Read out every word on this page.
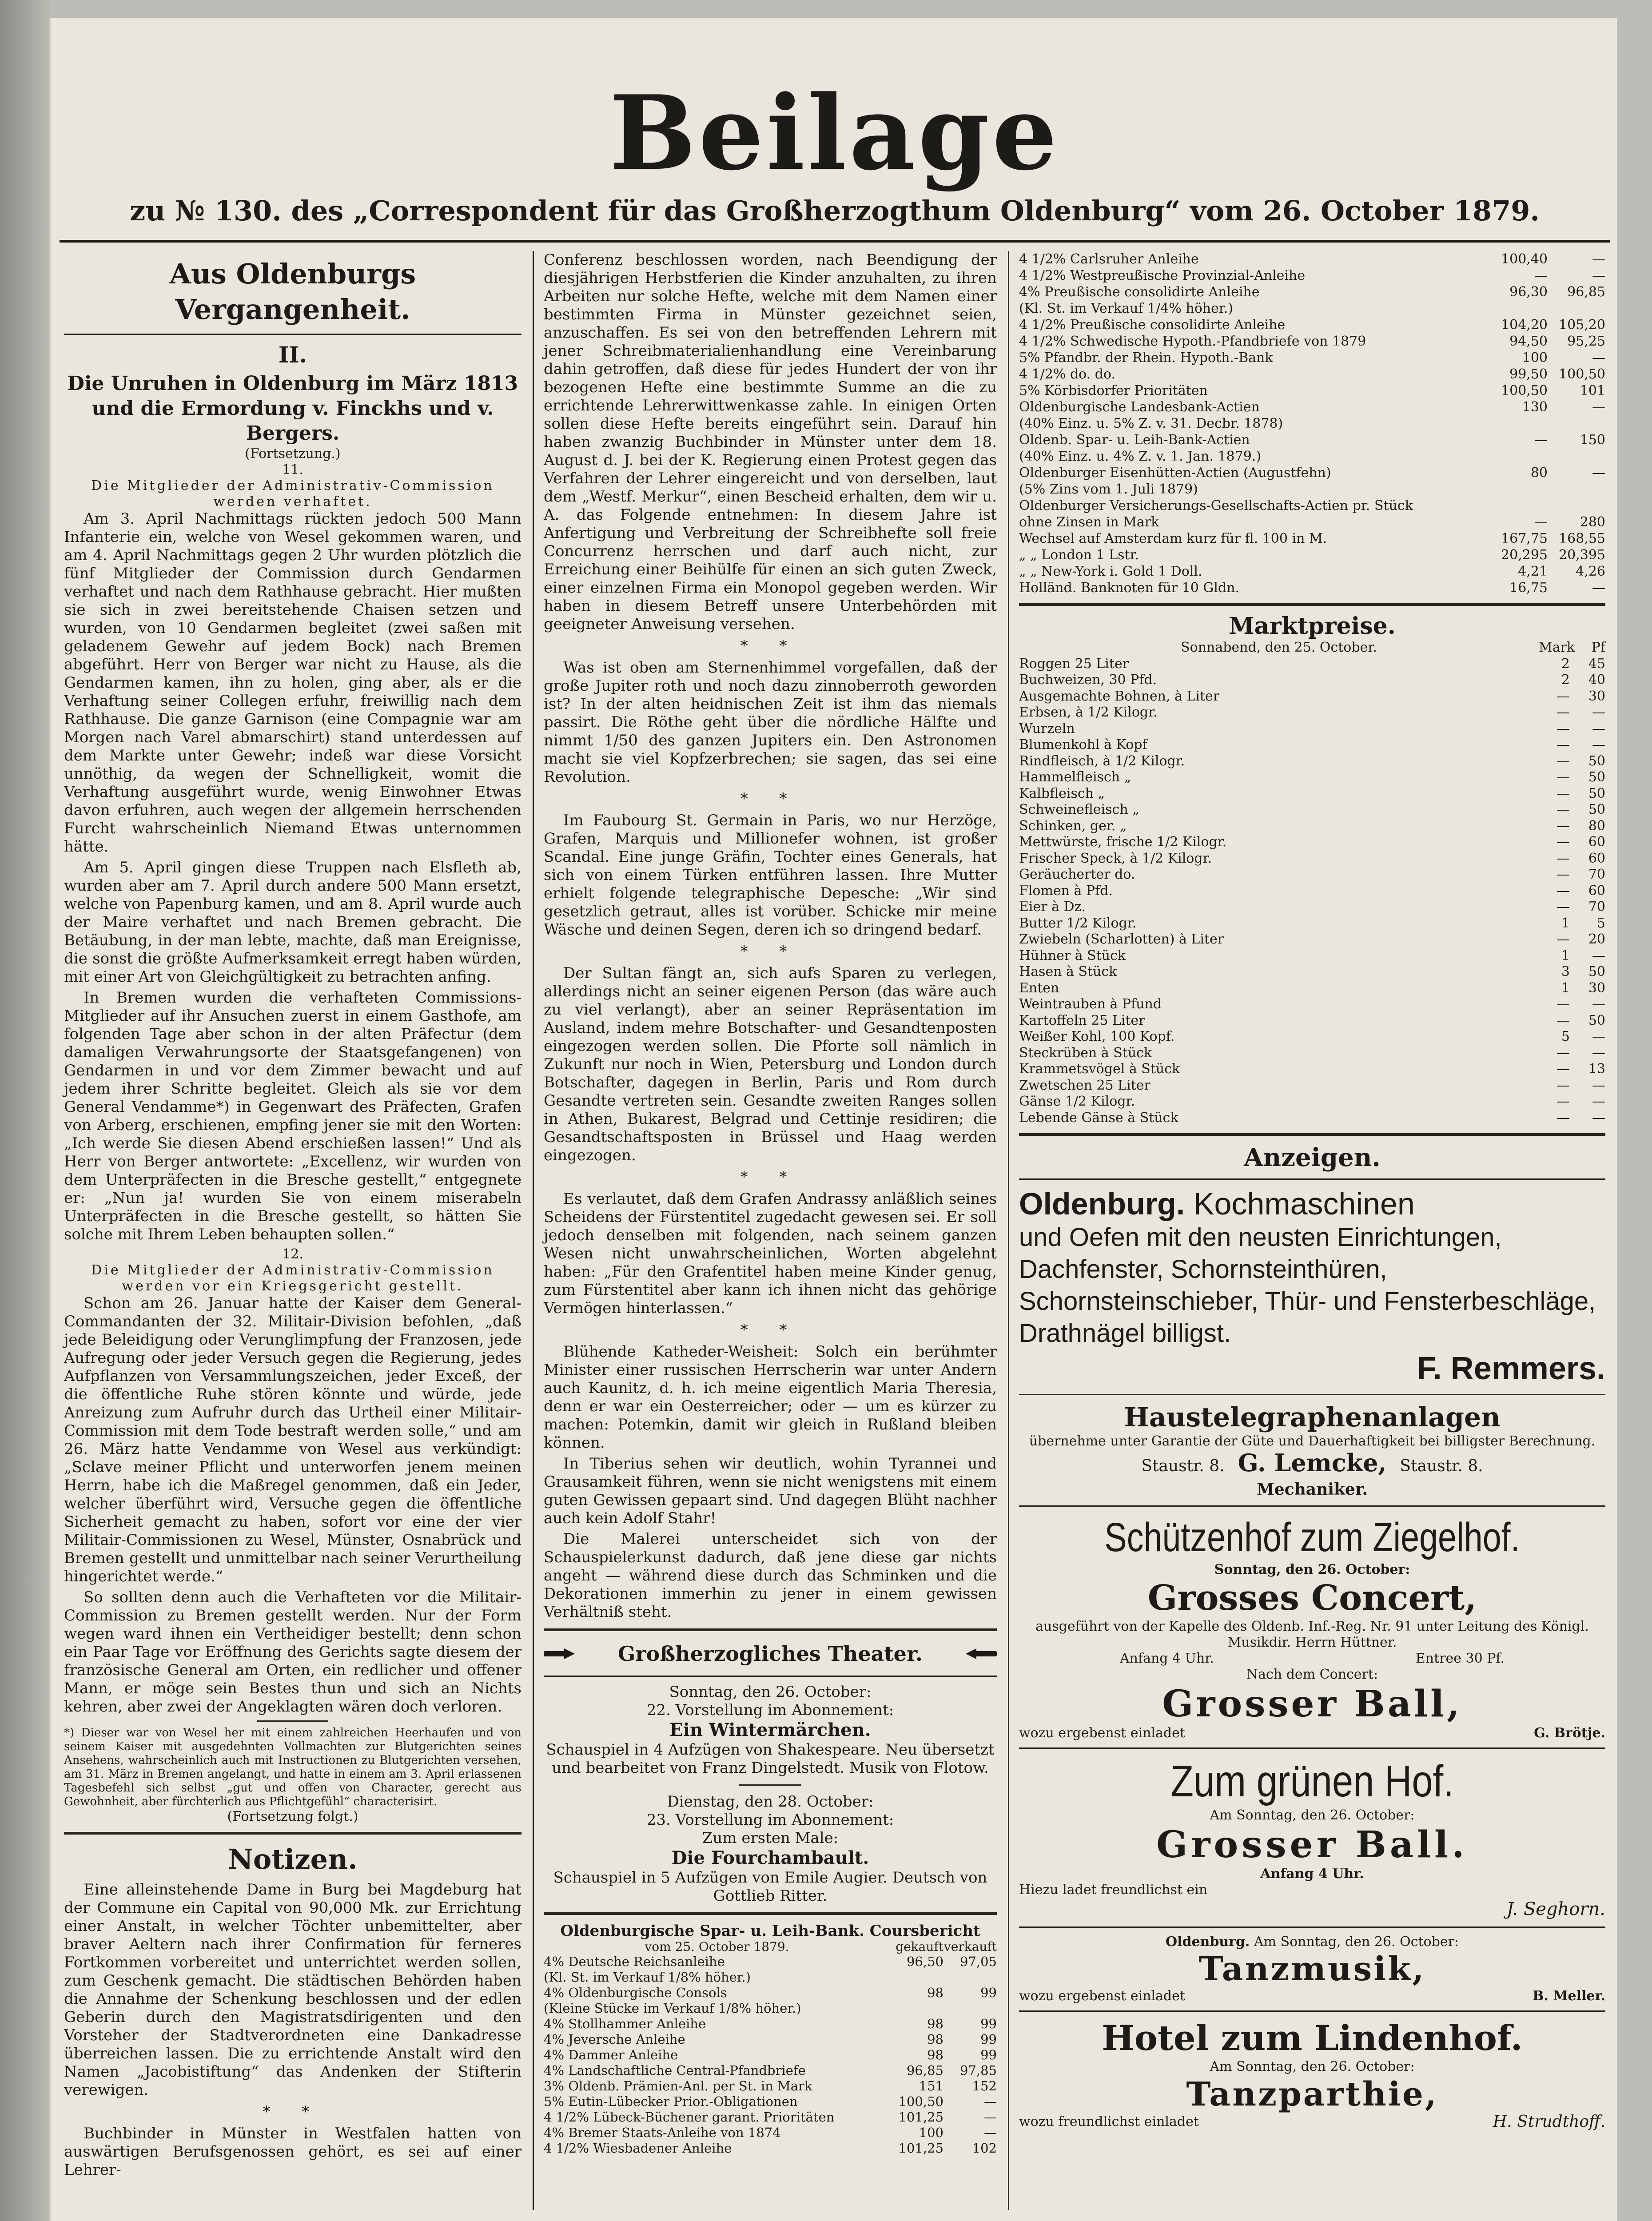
Beilage
zu № 130. des „Correspondent für das Großherzogthum Oldenburg“ vom 26. October 1879.
Aus Oldenburgs Vergangenheit.
II.
Die Unruhen in Oldenburg im März 1813 und die Ermordung v. Finckhs und v. Bergers.
(Fortsetzung.)
11.
Die Mitglieder der Administrativ-Commission werden verhaftet.
Am 3. April Nachmittags rückten jedoch 500 Mann Infanterie ein, welche von Wesel gekommen waren, und am 4. April Nachmittags gegen 2 Uhr wurden plötzlich die fünf Mitglieder der Commission durch Gendarmen verhaftet und nach dem Rathhause gebracht. Hier mußten sie sich in zwei bereitstehende Chaisen setzen und wurden, von 10 Gendarmen begleitet (zwei saßen mit geladenem Gewehr auf jedem Bock) nach Bremen abgeführt. Herr von Berger war nicht zu Hause, als die Gendarmen kamen, ihn zu holen, ging aber, als er die Verhaftung seiner Collegen erfuhr, freiwillig nach dem Rathhause. Die ganze Garnison (eine Compagnie war am Morgen nach Varel abmarschirt) stand unterdessen auf dem Markte unter Gewehr; indeß war diese Vorsicht unnöthig, da wegen der Schnelligkeit, womit die Verhaftung ausgeführt wurde, wenig Einwohner Etwas davon erfuhren, auch wegen der allgemein herrschenden Furcht wahrscheinlich Niemand Etwas unternommen hätte.
Am 5. April gingen diese Truppen nach Elsfleth ab, wurden aber am 7. April durch andere 500 Mann ersetzt, welche von Papenburg kamen, und am 8. April wurde auch der Maire verhaftet und nach Bremen gebracht. Die Betäubung, in der man lebte, machte, daß man Ereignisse, die sonst die größte Aufmerksamkeit erregt haben würden, mit einer Art von Gleichgültigkeit zu betrachten anfing.
In Bremen wurden die verhafteten Commissions-Mitglieder auf ihr Ansuchen zuerst in einem Gasthofe, am folgenden Tage aber schon in der alten Präfectur (dem damaligen Verwahrungsorte der Staatsgefangenen) von Gendarmen in und vor dem Zimmer bewacht und auf jedem ihrer Schritte begleitet. Gleich als sie vor dem General Vendamme*) in Gegenwart des Präfecten, Grafen von Arberg, erschienen, empfing jener sie mit den Worten: „Ich werde Sie diesen Abend erschießen lassen!“ Und als Herr von Berger antwortete: „Excellenz, wir wurden von dem Unterpräfecten in die Bresche gestellt,“ entgegnete er: „Nun ja! wurden Sie von einem miserabeln Unterpräfecten in die Bresche gestellt, so hätten Sie solche mit Ihrem Leben behaupten sollen.“
12.
Die Mitglieder der Administrativ-Commission werden vor ein Kriegsgericht gestellt.
Schon am 26. Januar hatte der Kaiser dem General-Commandanten der 32. Militair-Division befohlen, „daß jede Beleidigung oder Verunglimpfung der Franzosen, jede Aufregung oder jeder Versuch gegen die Regierung, jedes Aufpflanzen von Versammlungszeichen, jeder Exceß, der die öffentliche Ruhe stören könnte und würde, jede Anreizung zum Aufruhr durch das Urtheil einer Militair-Commission mit dem Tode bestraft werden solle,“ und am 26. März hatte Vendamme von Wesel aus verkündigt: „Sclave meiner Pflicht und unterworfen jenem meinen Herrn, habe ich die Maßregel genommen, daß ein Jeder, welcher überführt wird, Versuche gegen die öffentliche Sicherheit gemacht zu haben, sofort vor eine der vier Militair-Commissionen zu Wesel, Münster, Osnabrück und Bremen gestellt und unmittelbar nach seiner Verurtheilung hingerichtet werde.“
So sollten denn auch die Verhafteten vor die Militair-Commission zu Bremen gestellt werden. Nur der Form wegen ward ihnen ein Vertheidiger bestellt; denn schon ein Paar Tage vor Eröffnung des Gerichts sagte diesem der französische General am Orten, ein redlicher und offener Mann, er möge sein Bestes thun und sich an Nichts kehren, aber zwei der Angeklagten wären doch verloren.
*) Dieser war von Wesel her mit einem zahlreichen Heerhaufen und von seinem Kaiser mit ausgedehnten Vollmachten zur Blutgerichten seines Ansehens, wahrscheinlich auch mit Instructionen zu Blutgerichten versehen, am 31. März in Bremen angelangt, und hatte in einem am 3. April erlassenen Tagesbefehl sich selbst „gut und offen von Character, gerecht aus Gewohnheit, aber fürchterlich aus Pflichtgefühl“ characterisirt.
(Fortsetzung folgt.)
Notizen.
Eine alleinstehende Dame in Burg bei Magdeburg hat der Commune ein Capital von 90,000 Mk. zur Errichtung einer Anstalt, in welcher Töchter unbemittelter, aber braver Aeltern nach ihrer Confirmation für ferneres Fortkommen vorbereitet und unterrichtet werden sollen, zum Geschenk gemacht. Die städtischen Behörden haben die Annahme der Schenkung beschlossen und der edlen Geberin durch den Magistratsdirigenten und den Vorsteher der Stadtverordneten eine Dankadresse überreichen lassen. Die zu errichtende Anstalt wird den Namen „Jacobistiftung“ das Andenken der Stifterin verewigen.
* *
Buchbinder in Münster in Westfalen hatten von auswärtigen Berufsgenossen gehört, es sei auf einer Lehrer-
Conferenz beschlossen worden, nach Beendigung der diesjährigen Herbstferien die Kinder anzuhalten, zu ihren Arbeiten nur solche Hefte, welche mit dem Namen einer bestimmten Firma in Münster gezeichnet seien, anzuschaffen. Es sei von den betreffenden Lehrern mit jener Schreibmaterialienhandlung eine Vereinbarung dahin getroffen, daß diese für jedes Hundert der von ihr bezogenen Hefte eine bestimmte Summe an die zu errichtende Lehrerwittwenkasse zahle. In einigen Orten sollen diese Hefte bereits eingeführt sein. Darauf hin haben zwanzig Buchbinder in Münster unter dem 18. August d. J. bei der K. Regierung einen Protest gegen das Verfahren der Lehrer eingereicht und von derselben, laut dem „Westf. Merkur“, einen Bescheid erhalten, dem wir u. A. das Folgende entnehmen: In diesem Jahre ist Anfertigung und Verbreitung der Schreibhefte soll freie Concurrenz herrschen und darf auch nicht, zur Erreichung einer Beihülfe für einen an sich guten Zweck, einer einzelnen Firma ein Monopol gegeben werden. Wir haben in diesem Betreff unsere Unterbehörden mit geeigneter Anweisung versehen.
* *
Was ist oben am Sternenhimmel vorgefallen, daß der große Jupiter roth und noch dazu zinnoberroth geworden ist? In der alten heidnischen Zeit ist ihm das niemals passirt. Die Röthe geht über die nördliche Hälfte und nimmt 1/50 des ganzen Jupiters ein. Den Astronomen macht sie viel Kopfzerbrechen; sie sagen, das sei eine Revolution.
* *
Im Faubourg St. Germain in Paris, wo nur Herzöge, Grafen, Marquis und Millionefer wohnen, ist großer Scandal. Eine junge Gräfin, Tochter eines Generals, hat sich von einem Türken entführen lassen. Ihre Mutter erhielt folgende telegraphische Depesche: „Wir sind gesetzlich getraut, alles ist vorüber. Schicke mir meine Wäsche und deinen Segen, deren ich so dringend bedarf.
* *
Der Sultan fängt an, sich aufs Sparen zu verlegen, allerdings nicht an seiner eigenen Person (das wäre auch zu viel verlangt), aber an seiner Repräsentation im Ausland, indem mehre Botschafter- und Gesandtenposten eingezogen werden sollen. Die Pforte soll nämlich in Zukunft nur noch in Wien, Petersburg und London durch Botschafter, dagegen in Berlin, Paris und Rom durch Gesandte vertreten sein. Gesandte zweiten Ranges sollen in Athen, Bukarest, Belgrad und Cettinje residiren; die Gesandtschaftsposten in Brüssel und Haag werden eingezogen.
* *
Es verlautet, daß dem Grafen Andrassy anläßlich seines Scheidens der Fürstentitel zugedacht gewesen sei. Er soll jedoch denselben mit folgenden, nach seinem ganzen Wesen nicht unwahrscheinlichen, Worten abgelehnt haben: „Für den Grafentitel haben meine Kinder genug, zum Fürstentitel aber kann ich ihnen nicht das gehörige Vermögen hinterlassen.“
* *
Blühende Katheder-Weisheit: Solch ein berühmter Minister einer russischen Herrscherin war unter Andern auch Kaunitz, d. h. ich meine eigentlich Maria Theresia, denn er war ein Oesterreicher; oder — um es kürzer zu machen: Potemkin, damit wir gleich in Rußland bleiben können.
In Tiberius sehen wir deutlich, wohin Tyrannei und Grausamkeit führen, wenn sie nicht wenigstens mit einem guten Gewissen gepaart sind. Und dagegen Blüht nachher auch kein Adolf Stahr!
Die Malerei unterscheidet sich von der Schauspielerkunst dadurch, daß jene diese gar nichts angeht — während diese durch das Schminken und die Dekorationen immerhin zu jener in einem gewissen Verhältniß steht.
Großherzogliches Theater.
Sonntag, den 26. October:
22. Vorstellung im Abonnement:
Ein Wintermärchen.
Schauspiel in 4 Aufzügen von Shakespeare. Neu übersetzt und bearbeitet von Franz Dingelstedt. Musik von Flotow.
Dienstag, den 28. October:
23. Vorstellung im Abonnement:
Zum ersten Male:
Die Fourchambault.
Schauspiel in 5 Aufzügen von Emile Augier. Deutsch von Gottlieb Ritter.
Oldenburgische Spar- u. Leih-Bank. Coursbericht
vom 25. October 1879.	gekauft verkauft
4% Deutsche Reichsanleihe	96,50	97,05
(Kl. St. im Verkauf 1/8% höher.)
4% Oldenburgische Consols	98	99
(Kleine Stücke im Verkauf 1/8% höher.)
4% Stollhammer Anleihe	98	99
4% Jeversche Anleihe	98	99
4% Dammer Anleihe	98	99
4% Landschaftliche Central-Pfandbriefe	96,85	97,85
3% Oldenb. Prämien-Anl. per St. in Mark	151	152
5% Eutin-Lübecker Prior.-Obligationen	100,50	—
4 1/2% Lübeck-Büchener garant. Prioritäten	101,25	—
4% Bremer Staats-Anleihe von 1874	100	—
4 1/2% Wiesbadener Anleihe	101,25	102
4 1/2% Carlsruher Anleihe	100,40	—
4 1/2% Westpreußische Provinzial-Anleihe	—	—
4% Preußische consolidirte Anleihe	96,30	96,85
(Kl. St. im Verkauf 1/4% höher.)
4 1/2% Preußische consolidirte Anleihe	104,20 105,20
4 1/2% Schwedische Hypoth.-Pfandbriefe von 1879	94,50	95,25
5% Pfandbr. der Rhein. Hypoth.-Bank	100	—
4 1/2% do. do.	99,50 100,50
5% Körbisdorfer Prioritäten	100,50	101
Oldenburgische Landesbank-Actien	130	—
(40% Einz. u. 5% Z. v. 31. Decbr. 1878)
Oldenb. Spar- u. Leih-Bank-Actien	—	150
(40% Einz. u. 4% Z. v. 1. Jan. 1879.)
Oldenburger Eisenhütten-Actien (Augustfehn)	80	—
(5% Zins vom 1. Juli 1879)
Oldenburger Versicherungs-Gesellschafts-Actien pr. Stück
ohne Zinsen in Mark	—	280
Wechsel auf Amsterdam kurz für fl. 100 in M.	167,75 168,55
„ „ London 1 Lstr.	20,295 20,395
„ „ New-York i. Gold 1 Doll.	4,21	4,26
Holländ. Banknoten für 10 Gldn.	16,75	—
Marktpreise.
Sonnabend, den 25. October.	Mark	Pf
Roggen 25 Liter	2	45
Buchweizen, 30 Pfd.	2	40
Ausgemachte Bohnen, à Liter	—	30
Erbsen, à 1/2 Kilogr.	—	—
Wurzeln	—	—
Blumenkohl à Kopf	—	—
Rindfleisch, à 1/2 Kilogr.	—	50
Hammelfleisch „	—	50
Kalbfleisch „	—	50
Schweinefleisch „	—	50
Schinken, ger. „	—	80
Mettwürste, frische 1/2 Kilogr.	—	60
Frischer Speck, à 1/2 Kilogr.	—	60
Geräucherter do.	—	70
Flomen à Pfd.	—	60
Eier à Dz.	—	70
Butter 1/2 Kilogr.	1	5
Zwiebeln (Scharlotten) à Liter	—	20
Hühner à Stück	1	—
Hasen à Stück	3	50
Enten	1	30
Weintrauben à Pfund	—	—
Kartoffeln 25 Liter	—	50
Weißer Kohl, 100 Kopf.	5	—
Steckrüben à Stück	—	—
Krammetsvögel à Stück	—	13
Zwetschen 25 Liter	—	—
Gänse 1/2 Kilogr.	—	—
Lebende Gänse à Stück	—	—
Anzeigen.
Oldenburg. Kochmaschinen
und Oefen mit den neusten Einrichtungen, Dachfenster, Schornsteinthüren, Schornsteinschieber, Thür- und Fensterbeschläge, Drathnägel billigst.
F. Remmers.
Haustelegraphenanlagen
übernehme unter Garantie der Güte und Dauerhaftigkeit bei billigster Berechnung.
Staustr. 8. G. Lemcke, Staustr. 8.
Mechaniker.
Schützenhof zum Ziegelhof.
Sonntag, den 26. October:
Grosses Concert,
ausgeführt von der Kapelle des Oldenb. Inf.-Reg. Nr. 91 unter Leitung des Königl. Musikdir. Herrn Hüttner.
Anfang 4 Uhr.	Entree 30 Pf.
Nach dem Concert:
Grosser Ball,
wozu ergebenst einladet	G. Brötje.
Zum grünen Hof.
Am Sonntag, den 26. October:
Grosser Ball.
Anfang 4 Uhr.
Hiezu ladet freundlichst ein
J. Seghorn.
Oldenburg. Am Sonntag, den 26. October:
Tanzmusik,
wozu ergebenst einladet	B. Meller.
Hotel zum Lindenhof.
Am Sonntag, den 26. October:
Tanzparthie,
wozu freundlichst einladet	H. Strudthoff.
